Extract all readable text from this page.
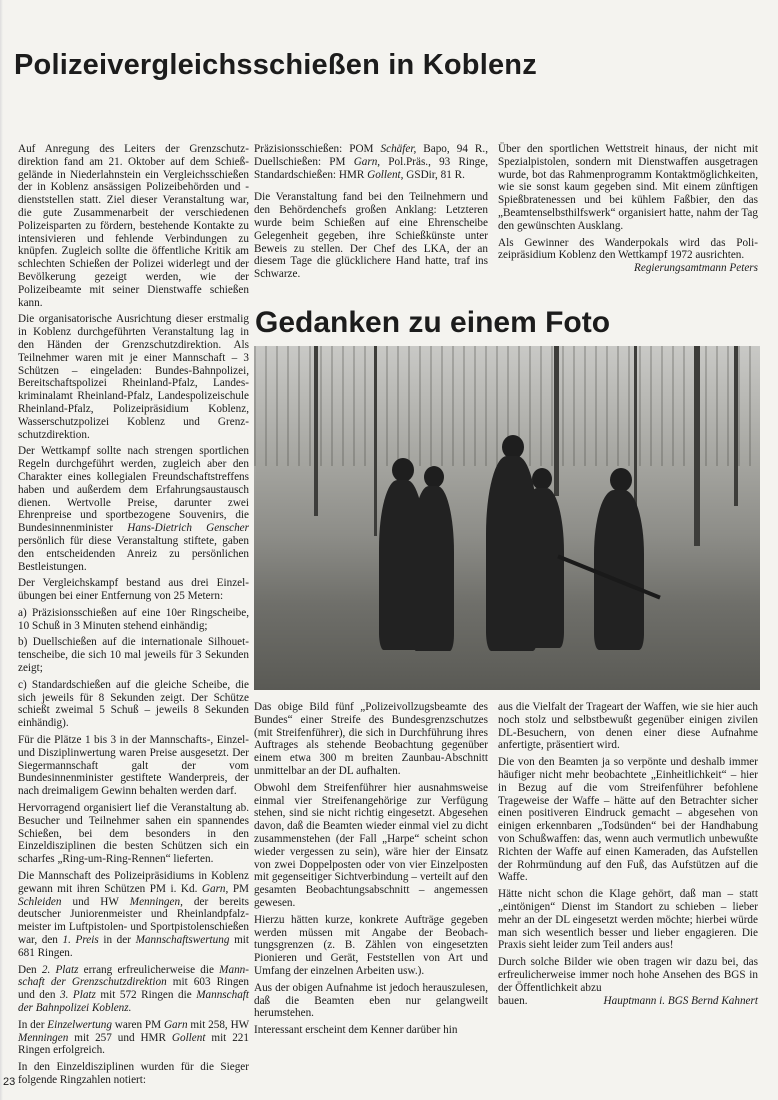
Polizeivergleichsschießen in Koblenz

Auf Anregung des Leiters der Grenzschutzdirektion fand am 21. Oktober auf dem Schießgelände in Niederlahnstein ein Vergleichsschießen der in Koblenz ansässigen Polizeibehörden und -dienststellen statt. Ziel dieser Veranstaltung war, die gute Zusammenarbeit der verschiedenen Polizeisparten zu fördern, bestehende Kontakte zu intensivieren und fehlende Verbindungen zu knüpfen. Zugleich sollte die öffentliche Kritik am schlechten Schießen der Polizei widerlegt und der Bevölkerung gezeigt werden, wie der Polizeibeamte mit seiner Dienstwaffe schießen kann.

Die organisatorische Ausrichtung dieser erstmalig in Koblenz durchgeführten Veranstaltung lag in den Händen der Grenzschutzdirektion. Als Teilnehmer waren mit je einer Mannschaft – 3 Schützen – eingeladen: Bundes-Bahnpolizei, Bereitschaftspolizei Rheinland-Pfalz, Landeskriminalamt Rheinland-Pfalz, Landespolizeischule Rheinland-Pfalz, Polizeipräsidium Koblenz, Wasserschutzpolizei Koblenz und Grenzschutzdirektion.

Der Wettkampf sollte nach strengen sportlichen Regeln durchgeführt werden, zugleich aber den Charakter eines kollegialen Freundschaftstreffens haben und außerdem dem Erfahrungsaustausch dienen. Wertvolle Preise, darunter zwei Ehrenpreise und sportbezogene Souvenirs, die Bundesinnenminister Hans-Dietrich Genscher persönlich für diese Veranstaltung stiftete, gaben den entscheidenden Anreiz zu persönlichen Bestleistungen.

Der Vergleichskampf bestand aus drei Einzelübungen bei einer Entfernung von 25 Metern:

a) Präzisionsschießen auf eine 10er Ringscheibe, 10 Schuß in 3 Minuten stehend einhändig;

b) Duellschießen auf die internationale Silhouettenscheibe, die sich 10 mal jeweils für 3 Sekunden zeigt;

c) Standardschießen auf die gleiche Scheibe, die sich jeweils für 8 Sekunden zeigt. Der Schütze schießt zweimal 5 Schuß – jeweils 8 Sekunden einhändig).

Für die Plätze 1 bis 3 in der Mannschafts-, Einzel- und Disziplinwertung waren Preise ausgesetzt. Der Siegermannschaft galt der vom Bundesinnenminister gestiftete Wanderpreis, der nach dreimaligem Gewinn behalten werden darf.

Hervorragend organisiert lief die Veranstaltung ab. Besucher und Teilnehmer sahen ein spannendes Schießen, bei dem besonders in den Einzeldisziplinen die besten Schützen sich ein scharfes „Ring-um-Ring-Rennen“ lieferten.

Die Mannschaft des Polizeipräsidiums in Koblenz gewann mit ihren Schützen PM i. Kd. Garn, PM Schleiden und HW Menningen, der bereits deutscher Juniorenmeister und Rheinlandpfalzmeister im Luftpistolen- und Sportpistolenschießen war, den 1. Preis in der Mannschaftswertung mit 681 Ringen.

Den 2. Platz errang erfreulicherweise die Mannschaft der Grenzschutzdirektion mit 603 Ringen und den 3. Platz mit 572 Ringen die Mannschaft der Bahnpolizei Koblenz.

In der Einzelwertung waren PM Garn mit 258, HW Menningen mit 257 und HMR Gollent mit 221 Ringen erfolgreich.

In den Einzeldisziplinen wurden für die Sieger folgende Ringzahlen notiert:

Präzisionsschießen: POM Schäfer, Bapo, 94 R., Duellschießen: PM Garn, Pol.Präs., 93 Ringe, Standardschießen: HMR Gollent, GSDir, 81 R.

Die Veranstaltung fand bei den Teilnehmern und den Behördenchefs großen Anklang: Letzteren wurde beim Schießen auf eine Ehrenscheibe Gelegenheit gegeben, ihre Schießkünste unter Beweis zu stellen. Der Chef des LKA, der an diesem Tage die glücklichere Hand hatte, traf ins Schwarze.

Über den sportlichen Wettstreit hinaus, der nicht mit Spezialpistolen, sondern mit Dienstwaffen ausgetragen wurde, bot das Rahmenprogramm Kontaktmöglichkeiten, wie sie sonst kaum gegeben sind. Mit einem zünftigen Spießbratenessen und bei kühlem Faßbier, den das „Beamtenselbsthilfswerk“ organisiert hatte, nahm der Tag den gewünschten Ausklang.

Als Gewinner des Wanderpokals wird das Polizeipräsidium Koblenz den Wettkampf 1972 ausrichten.

Regierungsamtmann Peters
Gedanken zu einem Foto

Das obige Bild fünf „Polizeivollzugsbeamte des Bundes“ einer Streife des Bundesgrenzschutzes (mit Streifenführer), die sich in Durchführung ihres Auftrages als stehende Beobachtung gegenüber einem etwa 300 m breiten Zaunbau-Abschnitt unmittelbar an der DL aufhalten.

Obwohl dem Streifenführer hier ausnahmsweise einmal vier Streifenangehörige zur Verfügung stehen, sind sie nicht richtig eingesetzt. Abgesehen davon, daß die Beamten wieder einmal viel zu dicht zusammenstehen (der Fall „Harpe“ scheint schon wieder vergessen zu sein), wäre hier der Einsatz von zwei Doppelposten oder von vier Einzelposten mit gegenseitiger Sichtverbindung – verteilt auf den gesamten Beobachtungsabschnitt – angemessen gewesen.

Hierzu hätten kurze, konkrete Aufträge gegeben werden müssen mit Angabe der Beobachtungsgrenzen (z. B. Zählen von eingesetzten Pionieren und Gerät, Feststellen von Art und Umfang der einzelnen Arbeiten usw.).

Aus der obigen Aufnahme ist jedoch herauszulesen, daß die Beamten eben nur gelangweilt herumstehen.

Interessant erscheint dem Kenner darüber hin

aus die Vielfalt der Trageart der Waffen, wie sie hier auch noch stolz und selbstbewußt gegenüber einigen zivilen DL-Besuchern, von denen einer diese Aufnahme anfertigte, präsentiert wird.

Die von den Beamten ja so verpönte und deshalb immer häufiger nicht mehr beobachtete „Einheitlichkeit“ – hier in Bezug auf die vom Streifenführer befohlene Trageweise der Waffe – hätte auf den Betrachter sicher einen positiveren Eindruck gemacht – abgesehen von einigen erkennbaren „Todsünden“ bei der Handhabung von Schußwaffen: das, wenn auch vermutlich unbewußte Richten der Waffe auf einen Kameraden, das Aufstellen der Rohrmündung auf den Fuß, das Aufstützen auf die Waffe.

Hätte nicht schon die Klage gehört, daß man – statt „eintönigen“ Dienst im Standort zu schieben – lieber mehr an der DL eingesetzt werden möchte; hierbei würde man sich wesentlich besser und lieber engagieren. Die Praxis sieht leider zum Teil anders aus!

Durch solche Bilder wie oben tragen wir dazu bei, das erfreulicherweise immer noch hohe Ansehen des BGS in der Öffentlichkeit abzu

bauen.	Hauptmann i. BGS Bernd Kahnert
23
